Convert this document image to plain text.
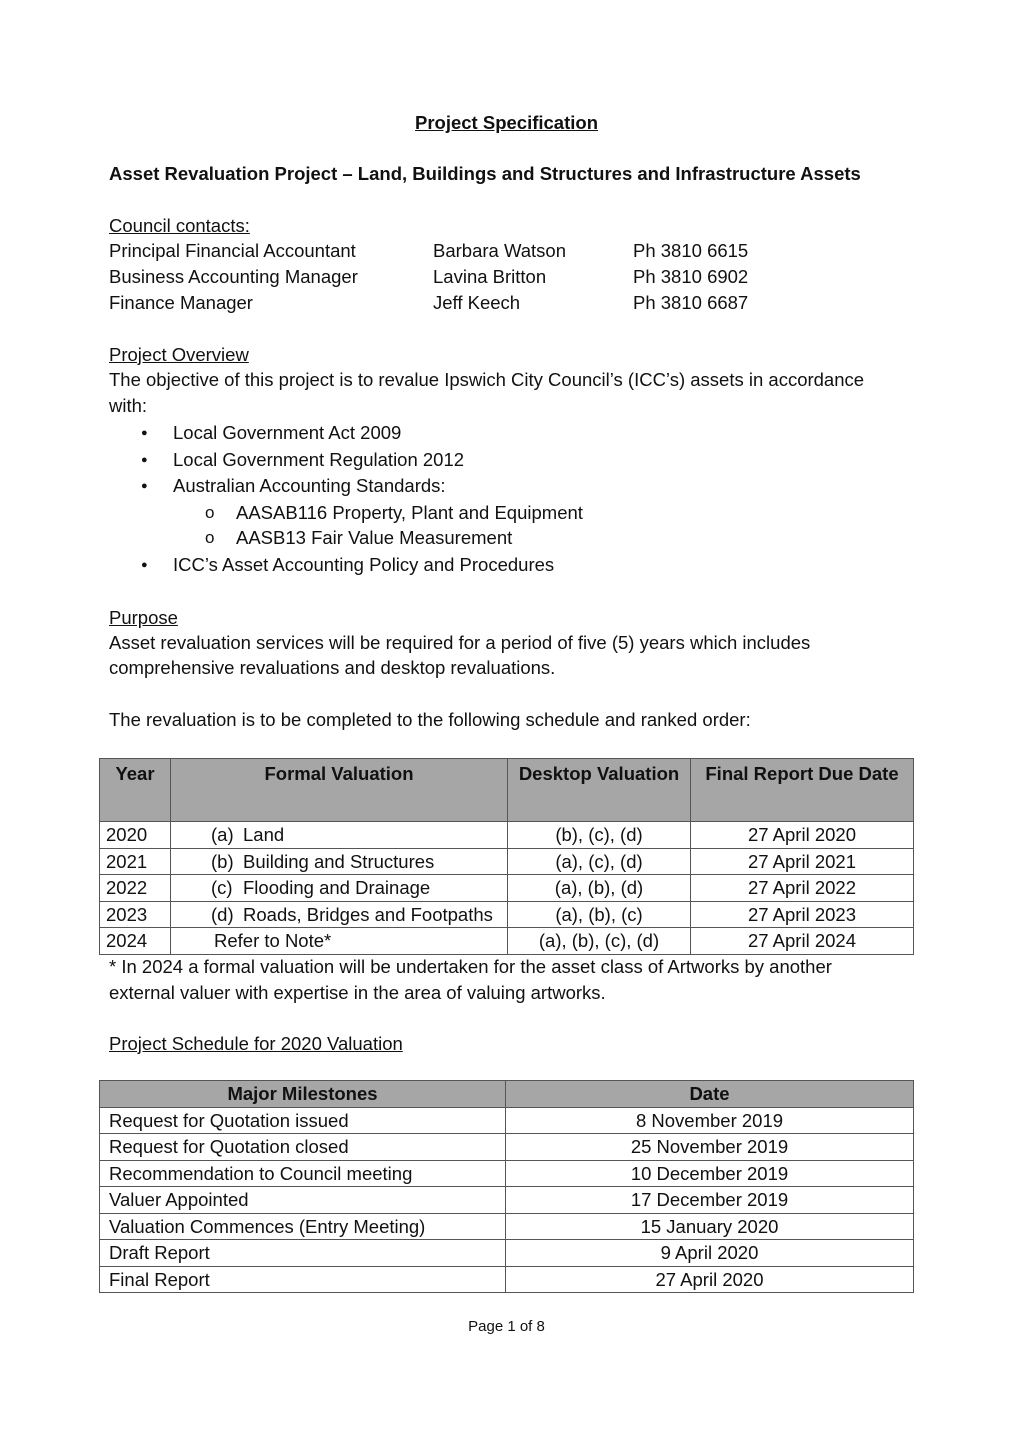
Project Specification
Asset Revaluation Project – Land, Buildings and Structures and Infrastructure Assets
Council contacts:
Principal Financial Accountant	Barbara Watson	Ph 3810 6615
Business Accounting Manager	Lavina Britton	Ph 3810 6902
Finance Manager	Jeff Keech	Ph 3810 6687
Project Overview
The objective of this project is to revalue Ipswich City Council’s (ICC’s) assets in accordance
with:
● Local Government Act 2009
● Local Government Regulation 2012
● Australian Accounting Standards:
o AASAB116 Property, Plant and Equipment
o AASB13 Fair Value Measurement
● ICC’s Asset Accounting Policy and Procedures
Purpose
Asset revaluation services will be required for a period of five (5) years which includes
comprehensive revaluations and desktop revaluations.
The revaluation is to be completed to the following schedule and ranked order:
Year	Formal Valuation	Desktop Valuation	Final Report Due Date
2020	(a) Land	(b), (c), (d)	27 April 2020
2021	(b) Building and Structures	(a), (c), (d)	27 April 2021
2022	(c) Flooding and Drainage	(a), (b), (d)	27 April 2022
2023	(d) Roads, Bridges and Footpaths	(a), (b), (c)	27 April 2023
2024	Refer to Note*	(a), (b), (c), (d)	27 April 2024
* In 2024 a formal valuation will be undertaken for the asset class of Artworks by another
external valuer with expertise in the area of valuing artworks.
Project Schedule for 2020 Valuation
Major Milestones	Date
Request for Quotation issued	8 November 2019
Request for Quotation closed	25 November 2019
Recommendation to Council meeting	10 December 2019
Valuer Appointed	17 December 2019
Valuation Commences (Entry Meeting)	15 January 2020
Draft Report	9 April 2020
Final Report	27 April 2020
Page 1 of 8
